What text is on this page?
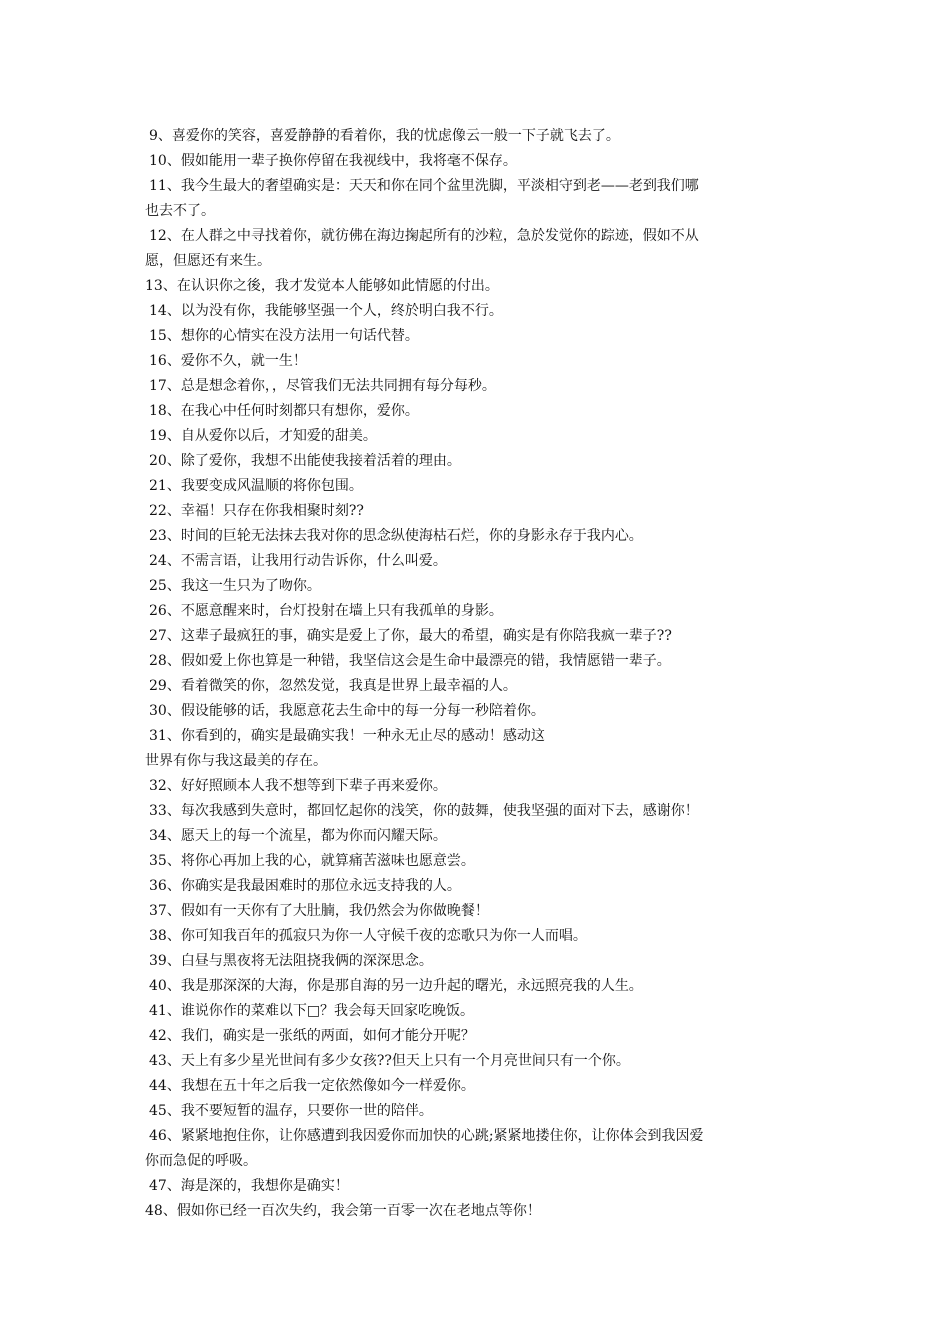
9、喜爱你的笑容，喜爱静静的看着你，我的忧虑像云一般一下子就飞去了。
10、假如能用一辈子换你停留在我视线中，我将毫不保存。
11、我今生最大的奢望确实是：天天和你在同个盆里洗脚，平淡相守到老——老到我们哪
也去不了。
12、在人群之中寻找着你，就彷佛在海边掬起所有的沙粒，急於发觉你的踪迹，假如不从
愿，但愿还有来生。
13、在认识你之後，我才发觉本人能够如此情愿的付出。
14、以为没有你，我能够坚强一个人，终於明白我不行。
15、想你的心情实在没方法用一句话代替。
16、爱你不久，就一生！
17、总是想念着你，，尽管我们无法共同拥有每分每秒。
18、在我心中任何时刻都只有想你，爱你。
19、自从爱你以后，才知爱的甜美。
20、除了爱你，我想不出能使我接着活着的理由。
21、我要变成风温顺的将你包围。
22、幸福！只存在你我相聚时刻??
23、时间的巨轮无法抹去我对你的思念纵使海枯石烂，你的身影永存于我内心。
24、不需言语，让我用行动告诉你，什么叫爱。
25、我这一生只为了吻你。
26、不愿意醒来时，台灯投射在墙上只有我孤单的身影。
27、这辈子最疯狂的事，确实是爱上了你，最大的希望，确实是有你陪我疯一辈子??
28、假如爱上你也算是一种错，我坚信这会是生命中最漂亮的错，我情愿错一辈子。
29、看着微笑的你，忽然发觉，我真是世界上最幸福的人。
30、假设能够的话，我愿意花去生命中的每一分每一秒陪着你。
31、你看到的，确实是最确实我！一种永无止尽的感动！感动这
世界有你与我这最美的存在。
32、好好照顾本人我不想等到下辈子再来爱你。
33、每次我感到失意时，都回忆起你的浅笑，你的鼓舞，使我坚强的面对下去，感谢你！
34、愿天上的每一个流星，都为你而闪耀天际。
35、将你心再加上我的心，就算痛苦滋味也愿意尝。
36、你确实是我最困难时的那位永远支持我的人。
37、假如有一天你有了大肚腩，我仍然会为你做晚餐！
38、你可知我百年的孤寂只为你一人守候千夜的恋歌只为你一人而唱。
39、白昼与黑夜将无法阻挠我俩的深深思念。
40、我是那深深的大海，你是那自海的另一边升起的曙光，永远照亮我的人生。
41、谁说你作的菜难以下□？我会每天回家吃晚饭。
42、我们，确实是一张纸的两面，如何才能分开呢？
43、天上有多少星光世间有多少女孩??但天上只有一个月亮世间只有一个你。
44、我想在五十年之后我一定依然像如今一样爱你。
45、我不要短暂的温存，只要你一世的陪伴。
46、紧紧地抱住你，让你感遭到我因爱你而加快的心跳;紧紧地搂住你，让你体会到我因爱
你而急促的呼吸。
47、海是深的，我想你是确实！
48、假如你已经一百次失约，我会第一百零一次在老地点等你！
